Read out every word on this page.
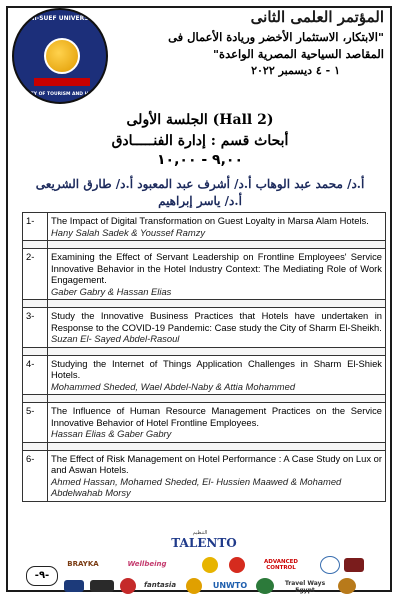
BENI-SUEF UNIVERSITY
FACULTY OF TOURISM AND HOTELS
المؤتمر العلمى الثانى
"الابتكار، الاستثمار الأخضر وريادة الأعمال فى
المقاصد السياحية المصرية الواعدة"
١ - ٤ ديسمبر ٢٠٢٢
الجلسة الأولى (Hall 2)
أبحاث قسم : إدارة الفنـــــادق
٩,٠٠ - ١٠,٠٠
أ.د/ محمد عبد الوهاب أ.د/ أشرف عبد المعبود أ.د/ طارق الشريعى
أ.د/ ياسر إبراهيم
1-	The Impact of Digital Transformation on Guest Loyalty in Marsa Alam Hotels.
Hany Salah Sadek & Youssef Ramzy

2-	Examining the Effect of Servant Leadership on Frontline Employees' Service Innovative Behavior in the Hotel Industry Context: The Mediating Role of Work Engagement.
Gaber Gabry & Hassan Elias

3-	Study the Innovative Business Practices that Hotels have undertaken in Response to the COVID-19 Pandemic: Case study the City of Sharm El-Sheikh.
Suzan El- Sayed Abdel-Rasoul

4-	Studying the Internet of Things Application Challenges in Sharm El-Shiek Hotels.
Mohammed Sheded, Wael Abdel-Naby & Attia Mohammed

5-	The Influence of Human Resource Management Practices on the Service Innovative Behavior of Hotel Frontline Employees.
Hassan Elias & Gaber Gabry

6-	The Effect of Risk Management on Hotel Performance : A Case Study on Lux or and Aswan Hotels.
Ahmed Hassan, Mohamed Sheded, El- Hussien Maawed & Mohamed Abdelwahab Morsy
التنظيم
TALENTO
BRAYKA	Wellbeing	ADVANCED CONTROL
fantasia	UNWTO	Travel Ways Egypt
-٩-
